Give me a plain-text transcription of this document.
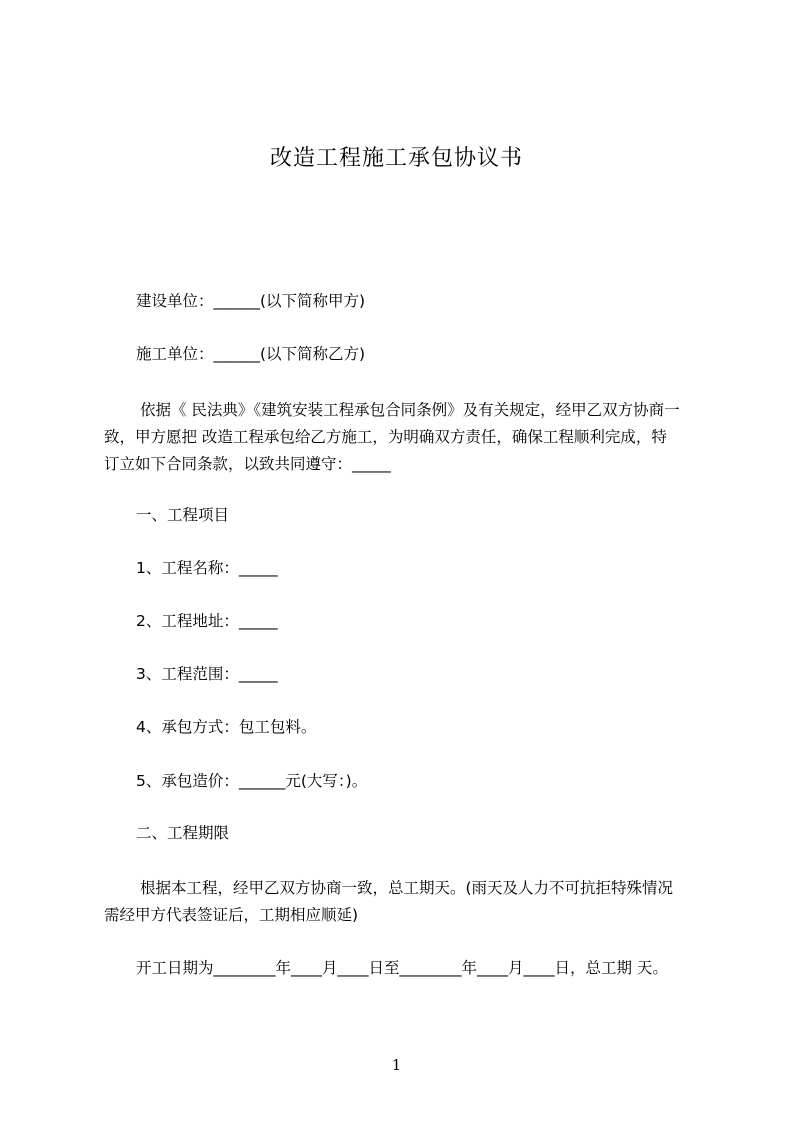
改造工程施工承包协议书
建设单位：______(以下简称甲方)
施工单位：______(以下简称乙方)
依据《 民法典》《建筑安装工程承包合同条例》及有关规定，经甲乙双方协商一
致，甲方愿把 改造工程承包给乙方施工，为明确双方责任，确保工程顺利完成，特
订立如下合同条款，以致共同遵守：_____
一、工程项目
1、工程名称：_____
2、工程地址：_____
3、工程范围：_____
4、承包方式：包工包料。
5、承包造价：______元(大写：)。
二、工程期限
根据本工程，经甲乙双方协商一致，总工期天。(雨天及人力不可抗拒特殊情况
需经甲方代表签证后，工期相应顺延)
开工日期为________年____月____日至________年____月____日，总工期 天。
1
